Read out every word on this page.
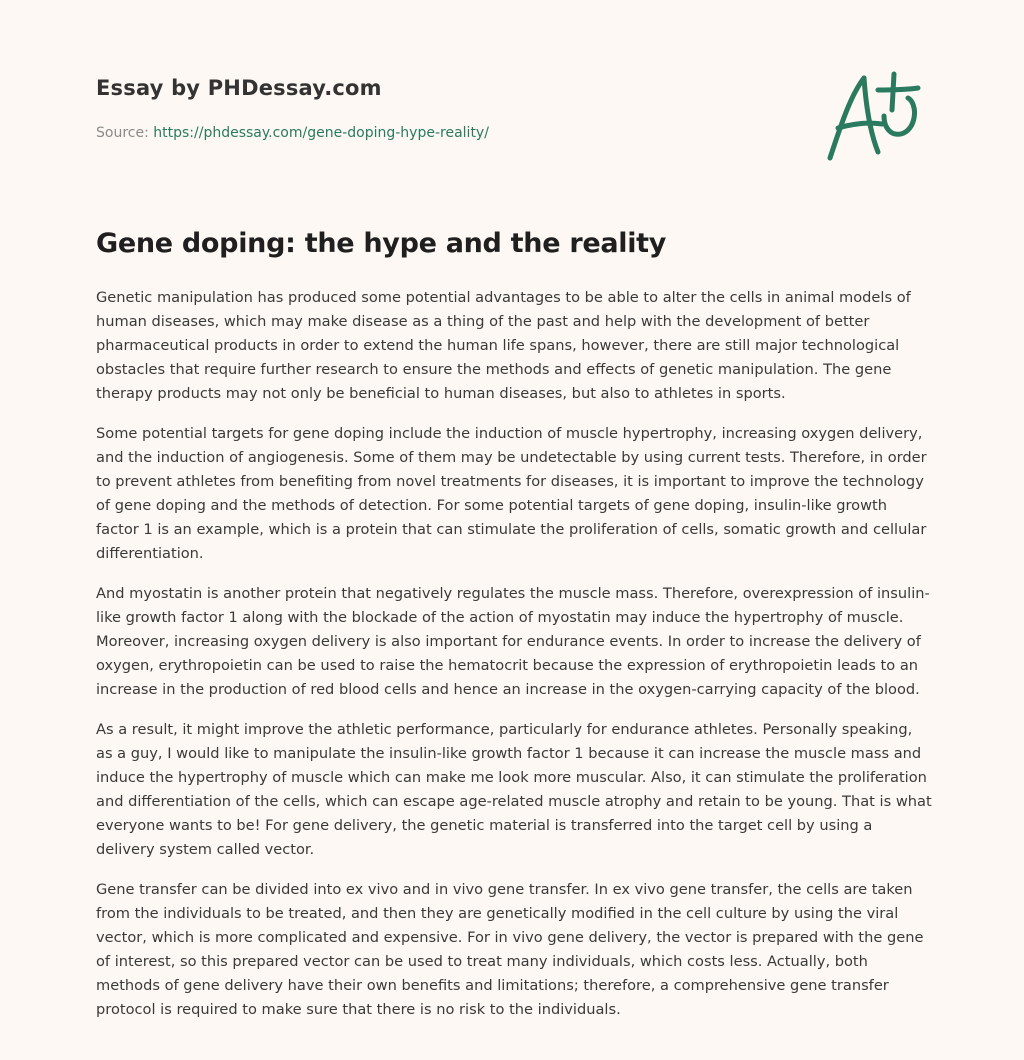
Essay by PHDessay.com
Source: https://phdessay.com/gene-doping-hype-reality/
Gene doping: the hype and the reality

Genetic manipulation has produced some potential advantages to be able to alter the cells in animal models of human diseases, which may make disease as a thing of the past and help with the development of better pharmaceutical products in order to extend the human life spans, however, there are still major technological obstacles that require further research to ensure the methods and effects of genetic manipulation. The gene therapy products may not only be beneficial to human diseases, but also to athletes in sports.

Some potential targets for gene doping include the induction of muscle hypertrophy, increasing oxygen delivery, and the induction of angiogenesis. Some of them may be undetectable by using current tests. Therefore, in order to prevent athletes from benefiting from novel treatments for diseases, it is important to improve the technology of gene doping and the methods of detection. For some potential targets of gene doping, insulin-like growth factor 1 is an example, which is a protein that can stimulate the proliferation of cells, somatic growth and cellular differentiation.

And myostatin is another protein that negatively regulates the muscle mass. Therefore, overexpression of insulin-like growth factor 1 along with the blockade of the action of myostatin may induce the hypertrophy of muscle. Moreover, increasing oxygen delivery is also important for endurance events. In order to increase the delivery of oxygen, erythropoietin can be used to raise the hematocrit because the expression of erythropoietin leads to an increase in the production of red blood cells and hence an increase in the oxygen-carrying capacity of the blood.

As a result, it might improve the athletic performance, particularly for endurance athletes. Personally speaking, as a guy, I would like to manipulate the insulin-like growth factor 1 because it can increase the muscle mass and induce the hypertrophy of muscle which can make me look more muscular. Also, it can stimulate the proliferation and differentiation of the cells, which can escape age-related muscle atrophy and retain to be young. That is what everyone wants to be! For gene delivery, the genetic material is transferred into the target cell by using a delivery system called vector.

Gene transfer can be divided into ex vivo and in vivo gene transfer. In ex vivo gene transfer, the cells are taken from the individuals to be treated, and then they are genetically modified in the cell culture by using the viral vector, which is more complicated and expensive. For in vivo gene delivery, the vector is prepared with the gene of interest, so this prepared vector can be used to treat many individuals, which costs less. Actually, both methods of gene delivery have their own benefits and limitations; therefore, a comprehensive gene transfer protocol is required to make sure that there is no risk to the individuals.
